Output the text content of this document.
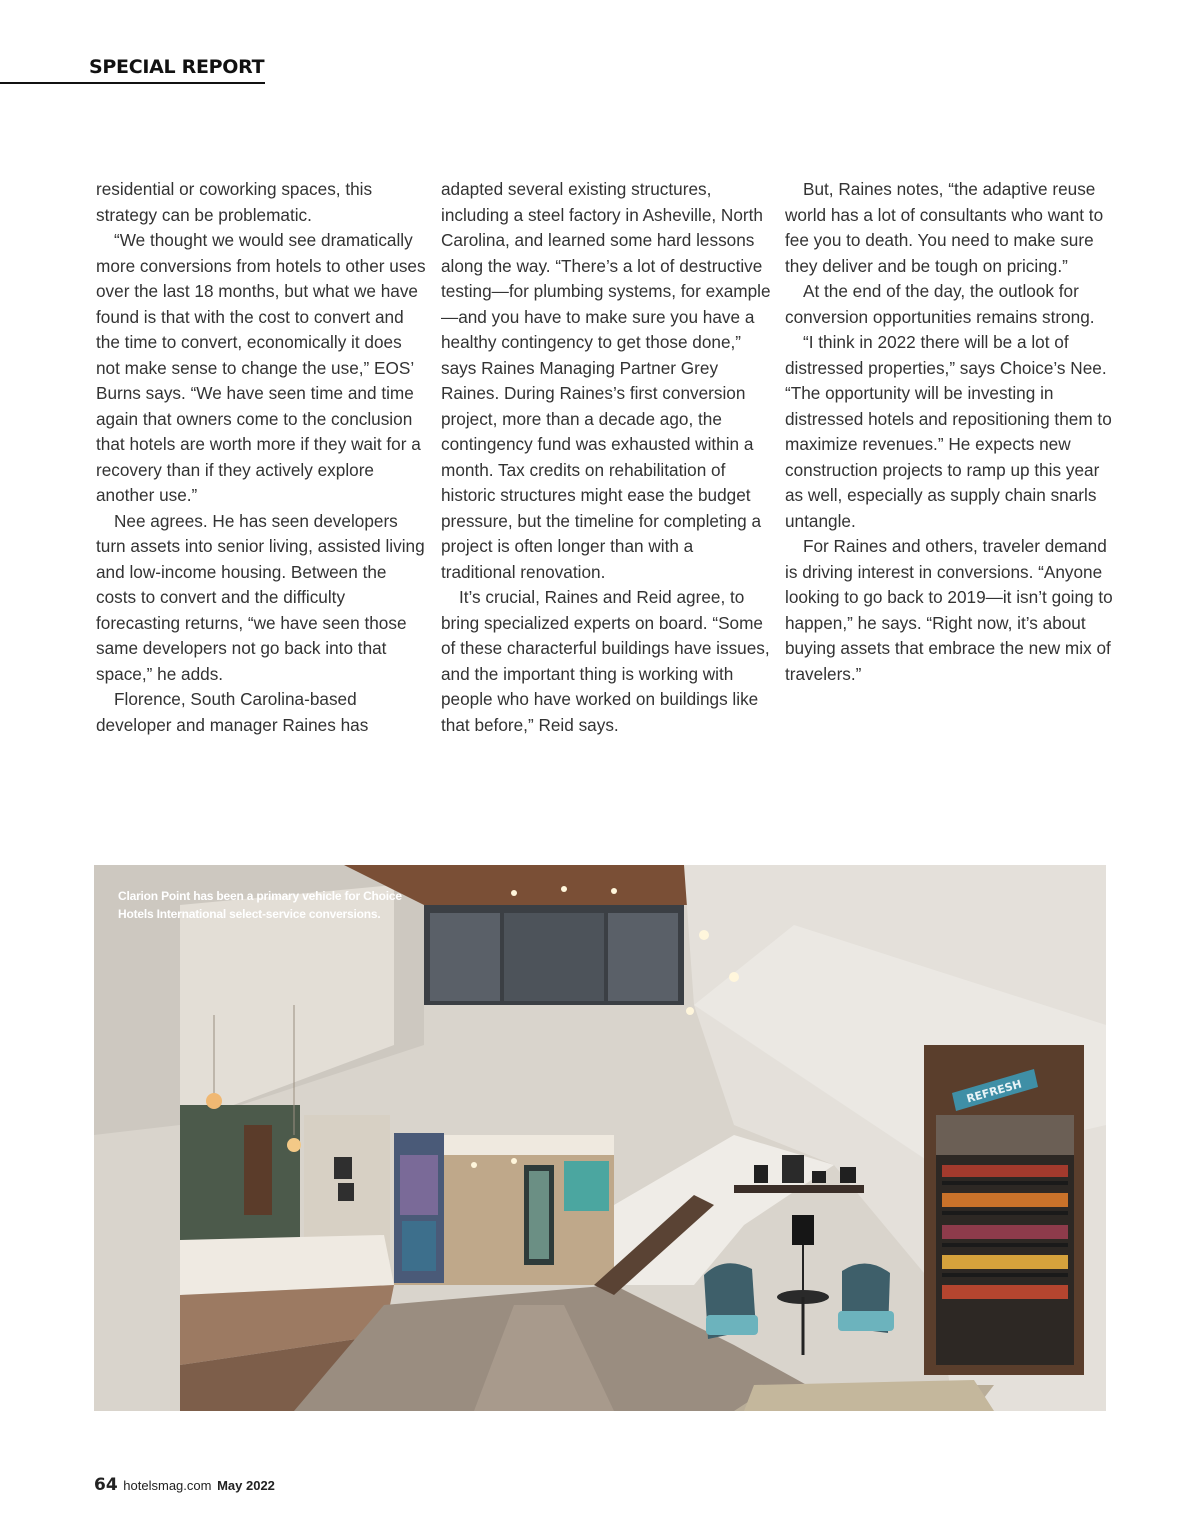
SPECIAL REPORT

residential or coworking spaces, this strategy can be problematic.

“We thought we would see dramatically more conversions from hotels to other uses over the last 18 months, but what we have found is that with the cost to convert and the time to convert, economically it does not make sense to change the use,” EOS’ Burns says. “We have seen time and time again that owners come to the conclusion that hotels are worth more if they wait for a recovery than if they actively explore another use.”

Nee agrees. He has seen developers turn assets into senior living, assisted living and low-income housing. Between the costs to convert and the difficulty forecasting returns, “we have seen those same developers not go back into that space,” he adds.

Florence, South Carolina-based developer and manager Raines has

adapted several existing structures, including a steel factory in Asheville, North Carolina, and learned some hard lessons along the way. “There’s a lot of destructive testing—for plumbing systems, for example—and you have to make sure you have a healthy contingency to get those done,” says Raines Managing Partner Grey Raines. During Raines’s first conversion project, more than a decade ago, the contingency fund was exhausted within a month. Tax credits on rehabilitation of historic structures might ease the budget pressure, but the timeline for completing a project is often longer than with a traditional renovation.

It’s crucial, Raines and Reid agree, to bring specialized experts on board. “Some of these characterful buildings have issues, and the important thing is working with people who have worked on buildings like that before,” Reid says.

But, Raines notes, “the adaptive reuse world has a lot of consultants who want to fee you to death. You need to make sure they deliver and be tough on pricing.”

At the end of the day, the outlook for conversion opportunities remains strong.

“I think in 2022 there will be a lot of distressed properties,” says Choice’s Nee. “The opportunity will be investing in distressed hotels and repositioning them to maximize revenues.” He expects new construction projects to ramp up this year as well, especially as supply chain snarls untangle.

For Raines and others, traveler demand is driving interest in conversions. “Anyone looking to go back to 2019—it isn’t going to happen,” he says. “Right now, it’s about buying assets that embrace the new mix of travelers.”

REFRESH
Clarion Point has been a primary vehicle for Choice Hotels International select-service conversions.
64 hotelsmag.com May 2022
